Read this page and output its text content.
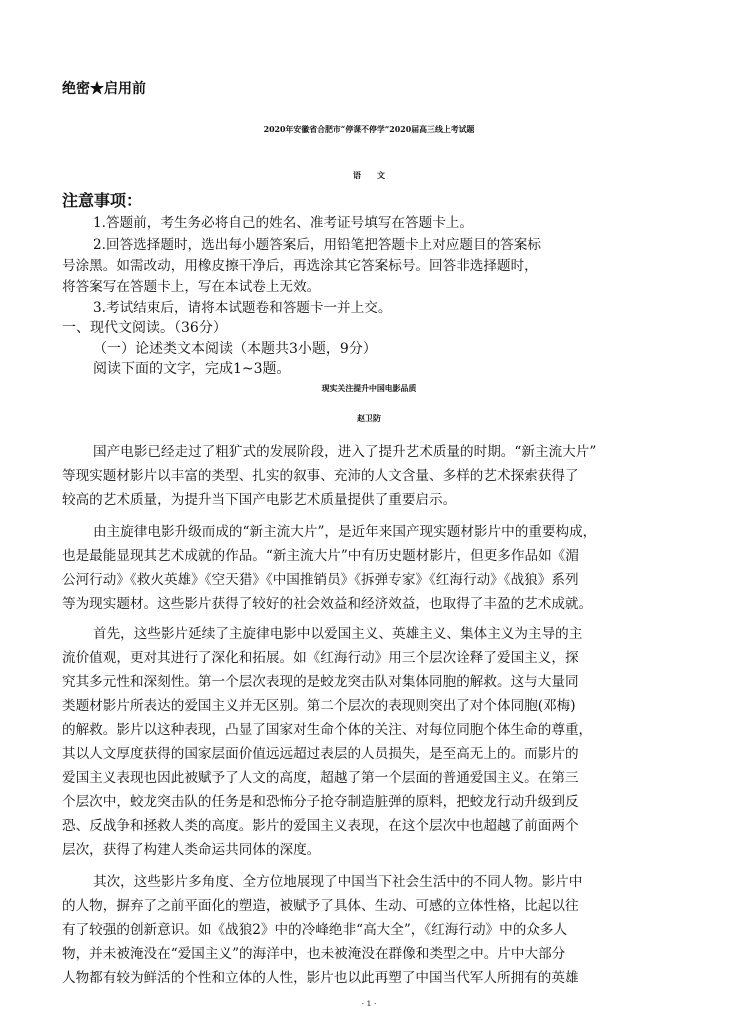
绝密★启用前
2020年安徽省合肥市“停课不停学”2020届高三线上考试题
语　　文
注意事项：
1.答题前，考生务必将自己的姓名、准考证号填写在答题卡上。
2.回答选择题时，选出每小题答案后，用铅笔把答题卡上对应题目的答案标
号涂黑。如需改动，用橡皮擦干净后，再选涂其它答案标号。回答非选择题时，
将答案写在答题卡上，写在本试卷上无效。
3.考试结束后，请将本试题卷和答题卡一并上交。
一、现代文阅读。（36分）
（一）论述类文本阅读（本题共3小题，9分）
阅读下面的文字，完成1~3题。
现实关注提升中国电影品质
赵卫防
国产电影已经走过了粗犷式的发展阶段，进入了提升艺术质量的时期。“新主流大片”
等现实题材影片以丰富的类型、扎实的叙事、充沛的人文含量、多样的艺术探索获得了
较高的艺术质量，为提升当下国产电影艺术质量提供了重要启示。
由主旋律电影升级而成的“新主流大片”，是近年来国产现实题材影片中的重要构成，
也是最能显现其艺术成就的作品。“新主流大片”中有历史题材影片，但更多作品如《湄
公河行动》《救火英雄》《空天猎》《中国推销员》《拆弹专家》《红海行动》《战狼》系列
等为现实题材。这些影片获得了较好的社会效益和经济效益，也取得了丰盈的艺术成就。
首先，这些影片延续了主旋律电影中以爱国主义、英雄主义、集体主义为主导的主
流价值观，更对其进行了深化和拓展。如《红海行动》用三个层次诠释了爱国主义，探
究其多元性和深刻性。第一个层次表现的是蛟龙突击队对集体同胞的解救。这与大量同
类题材影片所表达的爱国主义并无区别。第二个层次的表现则突出了对个体同胞(邓梅)
的解救。影片以这种表现，凸显了国家对生命个体的关注、对每位同胞个体生命的尊重，
其以人文厚度获得的国家层面价值远远超过表层的人员损失，是至高无上的。而影片的
爱国主义表现也因此被赋予了人文的高度，超越了第一个层面的普通爱国主义。在第三
个层次中，蛟龙突击队的任务是和恐怖分子抢夺制造脏弹的原料，把蛟龙行动升级到反
恐、反战争和拯救人类的高度。影片的爱国主义表现，在这个层次中也超越了前面两个
层次，获得了构建人类命运共同体的深度。
其次，这些影片多角度、全方位地展现了中国当下社会生活中的不同人物。影片中
的人物，摒弃了之前平面化的塑造，被赋予了具体、生动、可感的立体性格，比起以往
有了较强的创新意识。如《战狼2》中的冷峰绝非“高大全”，《红海行动》中的众多人
物，并未被淹没在“爱国主义”的海洋中，也未被淹没在群像和类型之中。片中大部分
人物都有较为鲜活的个性和立体的人性，影片也以此再塑了中国当代军人所拥有的英雄
· 1 ·
